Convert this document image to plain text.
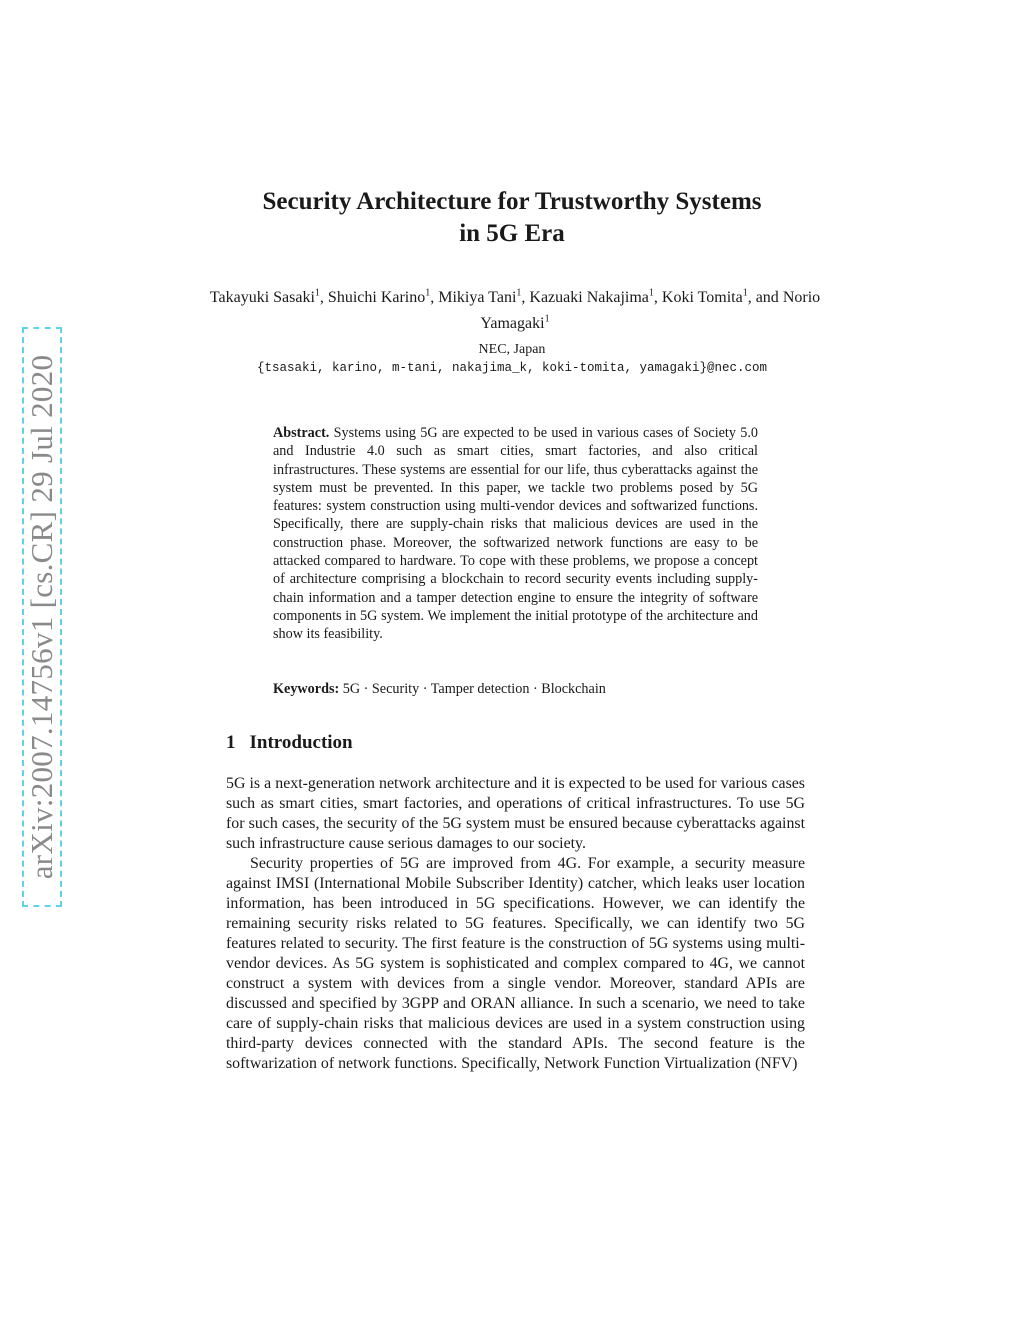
arXiv:2007.14756v1 [cs.CR] 29 Jul 2020
Security Architecture for Trustworthy Systems
in 5G Era
Takayuki Sasaki$^1$, Shuichi Karino$^1$, Mikiya Tani$^1$, Kazuaki Nakajima$^1$, Koki Tomita$^1$, and Norio Yamagaki$^1$
NEC, Japan
{tsasaki, karino, m-tani, nakajima_k, koki-tomita, yamagaki}@nec.com

Abstract. Systems using 5G are expected to be used in various cases of Society 5.0 and Industrie 4.0 such as smart cities, smart factories, and also critical infrastructures. These systems are essential for our life, thus cyberattacks against the system must be prevented. In this paper, we tackle two problems posed by 5G features: system construction using multi-vendor devices and softwarized functions. Specifically, there are supply-chain risks that malicious devices are used in the construction phase. Moreover, the softwarized network functions are easy to be attacked compared to hardware. To cope with these problems, we propose a concept of architecture comprising a blockchain to record security events including supply-chain information and a tamper detection engine to ensure the integrity of software components in 5G system. We implement the initial prototype of the architecture and show its feasibility.

Keywords: 5G · Security · Tamper detection · Blockchain
1 Introduction

5G is a next-generation network architecture and it is expected to be used for various cases such as smart cities, smart factories, and operations of critical infrastructures. To use 5G for such cases, the security of the 5G system must be ensured because cyberattacks against such infrastructure cause serious damages to our society.

Security properties of 5G are improved from 4G. For example, a security measure against IMSI (International Mobile Subscriber Identity) catcher, which leaks user location information, has been introduced in 5G specifications. However, we can identify the remaining security risks related to 5G features. Specifically, we can identify two 5G features related to security. The first feature is the construction of 5G systems using multi-vendor devices. As 5G system is sophisticated and complex compared to 4G, we cannot construct a system with devices from a single vendor. Moreover, standard APIs are discussed and specified by 3GPP and ORAN alliance. In such a scenario, we need to take care of supply-chain risks that malicious devices are used in a system construction using third-party devices connected with the standard APIs. The second feature is the softwarization of network functions. Specifically, Network Function Virtualization (NFV)
